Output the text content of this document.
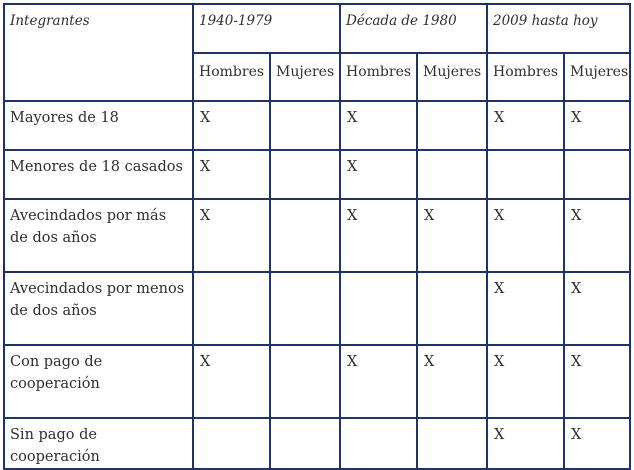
Integrantes	1940-1979		Década de 1980		2009 hasta hoy	

	Hombres	Mujeres	Hombres	Mujeres	Hombres	Mujeres

Mayores de 18	X		X		X	X

Menores de 18 casados	X		X			

Avecindados por más de dos años	X		X	X	X	X

Avecindados por menos de dos años					X	X

Con pago de cooperación	X		X	X	X	X

Sin pago de cooperación					X	X
